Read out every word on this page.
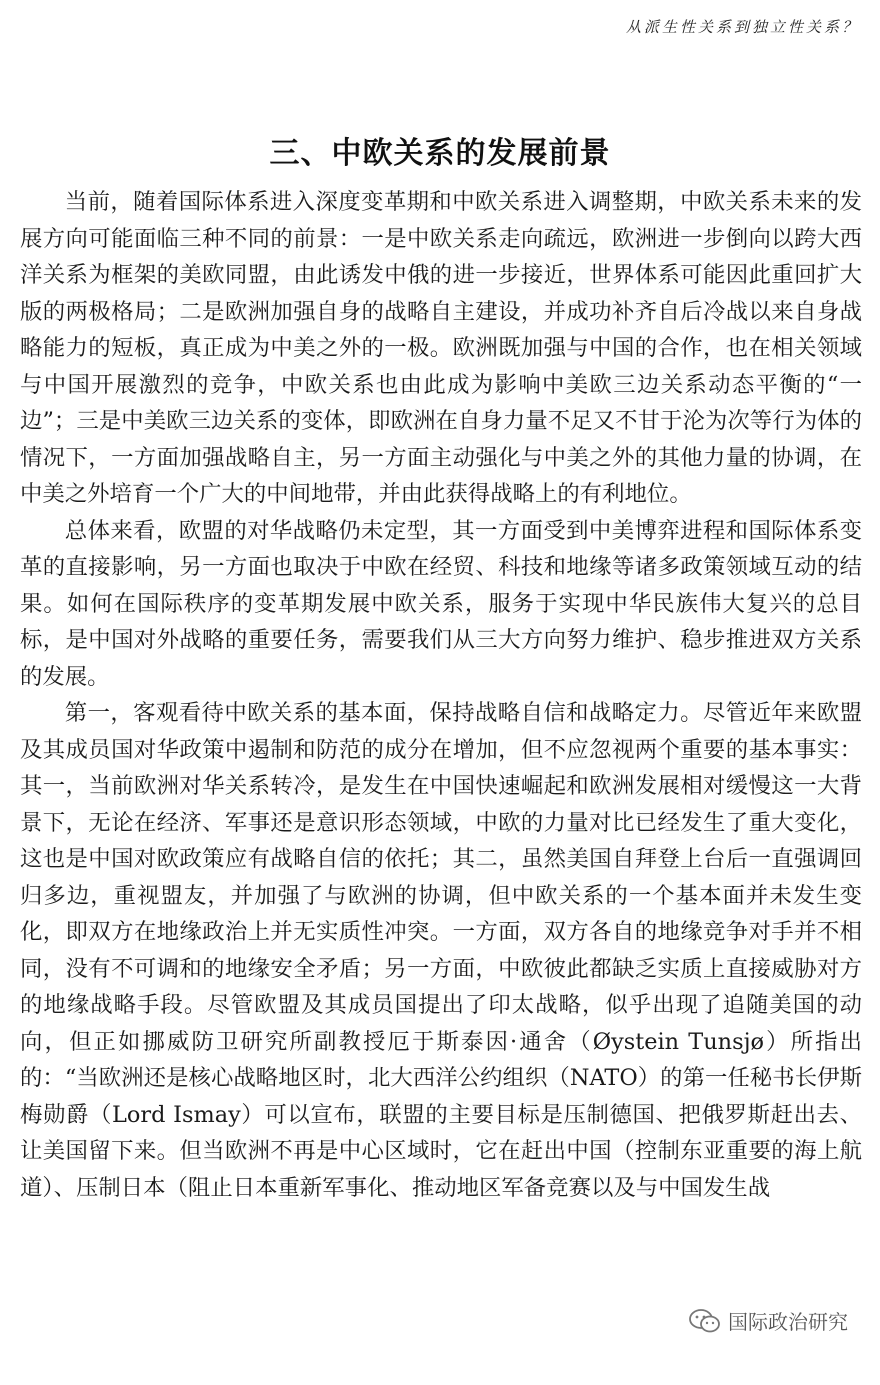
从派生性关系到独立性关系？
三、中欧关系的发展前景

当前，随着国际体系进入深度变革期和中欧关系进入调整期，中欧关系未来的发展方向可能面临三种不同的前景：一是中欧关系走向疏远，欧洲进一步倒向以跨大西洋关系为框架的美欧同盟，由此诱发中俄的进一步接近，世界体系可能因此重回扩大版的两极格局；二是欧洲加强自身的战略自主建设，并成功补齐自后冷战以来自身战略能力的短板，真正成为中美之外的一极。欧洲既加强与中国的合作，也在相关领域与中国开展激烈的竞争，中欧关系也由此成为影响中美欧三边关系动态平衡的“一边”；三是中美欧三边关系的变体，即欧洲在自身力量不足又不甘于沦为次等行为体的情况下，一方面加强战略自主，另一方面主动强化与中美之外的其他力量的协调，在中美之外培育一个广大的中间地带，并由此获得战略上的有利地位。

总体来看，欧盟的对华战略仍未定型，其一方面受到中美博弈进程和国际体系变革的直接影响，另一方面也取决于中欧在经贸、科技和地缘等诸多政策领域互动的结果。如何在国际秩序的变革期发展中欧关系，服务于实现中华民族伟大复兴的总目标，是中国对外战略的重要任务，需要我们从三大方向努力维护、稳步推进双方关系的发展。

第一，客观看待中欧关系的基本面，保持战略自信和战略定力。尽管近年来欧盟及其成员国对华政策中遏制和防范的成分在增加，但不应忽视两个重要的基本事实：其一，当前欧洲对华关系转冷，是发生在中国快速崛起和欧洲发展相对缓慢这一大背景下，无论在经济、军事还是意识形态领域，中欧的力量对比已经发生了重大变化，这也是中国对欧政策应有战略自信的依托；其二，虽然美国自拜登上台后一直强调回归多边，重视盟友，并加强了与欧洲的协调，但中欧关系的一个基本面并未发生变化，即双方在地缘政治上并无实质性冲突。一方面，双方各自的地缘竞争对手并不相同，没有不可调和的地缘安全矛盾；另一方面，中欧彼此都缺乏实质上直接威胁对方的地缘战略手段。尽管欧盟及其成员国提出了印太战略，似乎出现了追随美国的动向，但正如挪威防卫研究所副教授厄于斯泰因·通舍（Øystein Tunsjø）所指出的：“当欧洲还是核心战略地区时，北大西洋公约组织（NATO）的第一任秘书长伊斯梅勋爵（Lord Ismay）可以宣布，联盟的主要目标是压制德国、把俄罗斯赶出去、让美国留下来。但当欧洲不再是中心区域时，它在赶出中国（控制东亚重要的海上航道）、压制日本（阻止日本重新军事化、推动地区军备竞赛以及与中国发生战

国际政治研究
